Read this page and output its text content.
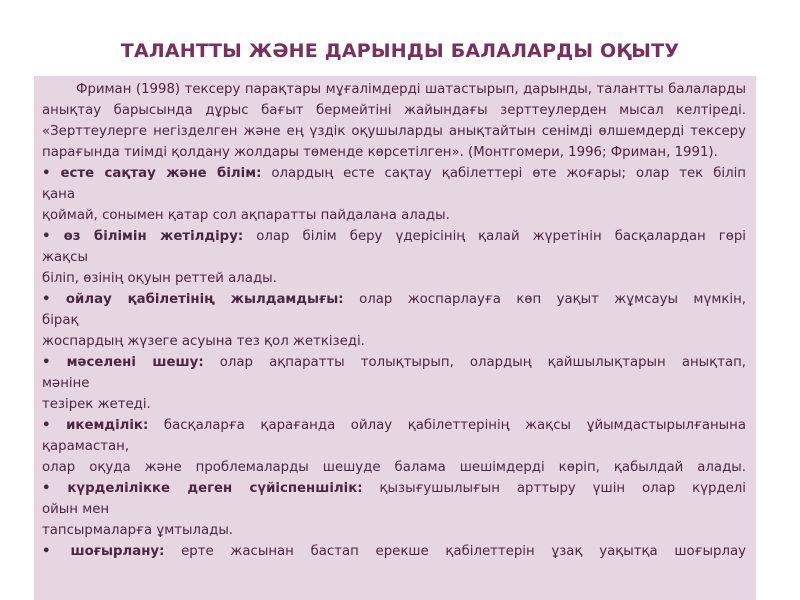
ТАЛАНТТЫ ЖӘНЕ ДАРЫНДЫ БАЛАЛАРДЫ ОҚЫТУ

Фриман (1998) тексеру парақтары мұғалімдерді шатастырып, дарынды, талантты балаларды анықтау барысында дұрыс бағыт бермейтіні жайындағы зерттеулерден мысал келтіреді. «Зерттеулерге негізделген және ең үздік оқушыларды анықтайтын сенімді өлшемдерді тексеру парағында тиімді қолдану жолдары төменде көрсетілген». (Монтгомери, 1996; Фриман, 1991).

• есте сақтау және білім: олардың есте сақтау қабілеттері өте жоғары; олар тек біліп
қана
қоймай, сонымен қатар сол ақпаратты пайдалана алады.
• өз білімін жетілдіру: олар білім беру үдерісінің қалай жүретінін басқалардан гөрі
жақсы
біліп, өзінің оқуын реттей алады.
• ойлау қабілетінің жылдамдығы: олар жоспарлауға көп уақыт жұмсауы мүмкін,
бірақ
жоспардың жүзеге асуына тез қол жеткізеді.
• мәселені шешу: олар ақпаратты толықтырып, олардың қайшылықтарын анықтап,
мәніне
тезірек жетеді.
• икемділік: басқаларға қарағанда ойлау қабілеттерінің жақсы ұйымдастырылғанына
қарамастан,
олар оқуда және проблемаларды шешуде балама шешімдерді көріп, қабылдай алады.
• күрделілікке деген сүйіспеншілік: қызығушылығын арттыру үшін олар күрделі
ойын мен
тапсырмаларға ұмтылады.
• шоғырлану: ерте жасынан бастап ерекше қабілеттерін ұзақ уақытқа шоғырлау
